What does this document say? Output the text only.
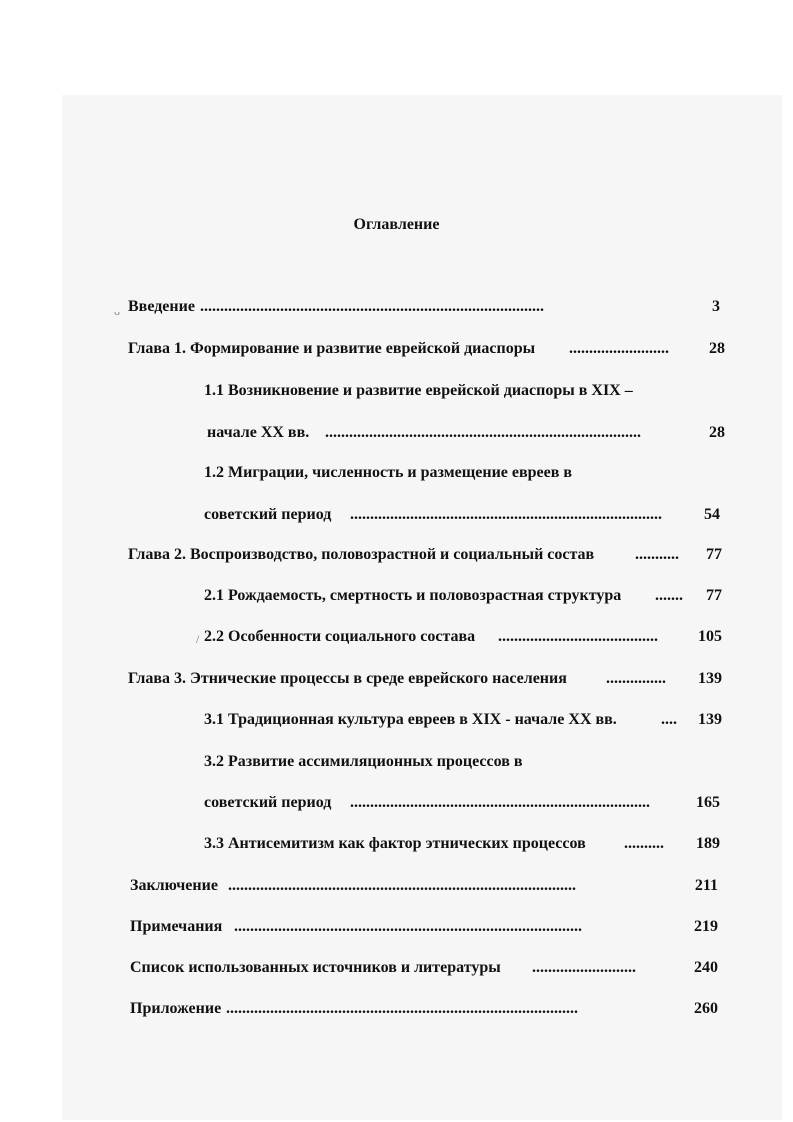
Оглавление
Введение ......................................................................................	3
ᴗ
Глава 1. Формирование и развитие еврейской диаспоры .........................	28
1.1 Возникновение и развитие еврейской диаспоры в XIX –
начале XX вв. ...............................................................................	28
1.2 Миграции, численность и размещение евреев в
советский период ..............................................................................	54
Глава 2. Воспроизводство, половозрастной и социальный состав	...........	77
2.1 Рождаемость, смертность и половозрастная структура .......	77
2.2 Особенности социального состава ........................................	105
/
Глава 3. Этнические процессы в среде еврейского населения ...............	139
3.1 Традиционная культура евреев в XIX - начале XX вв.	....	139
3.2 Развитие ассимиляционных процессов в
советский период ...........................................................................	165
3.3 Антисемитизм как фактор этнических процессов ..........	189
Заключение .......................................................................................	211
Примечания .......................................................................................	219
Список использованных источников и литературы ..........................	240
Приложение ........................................................................................	260
